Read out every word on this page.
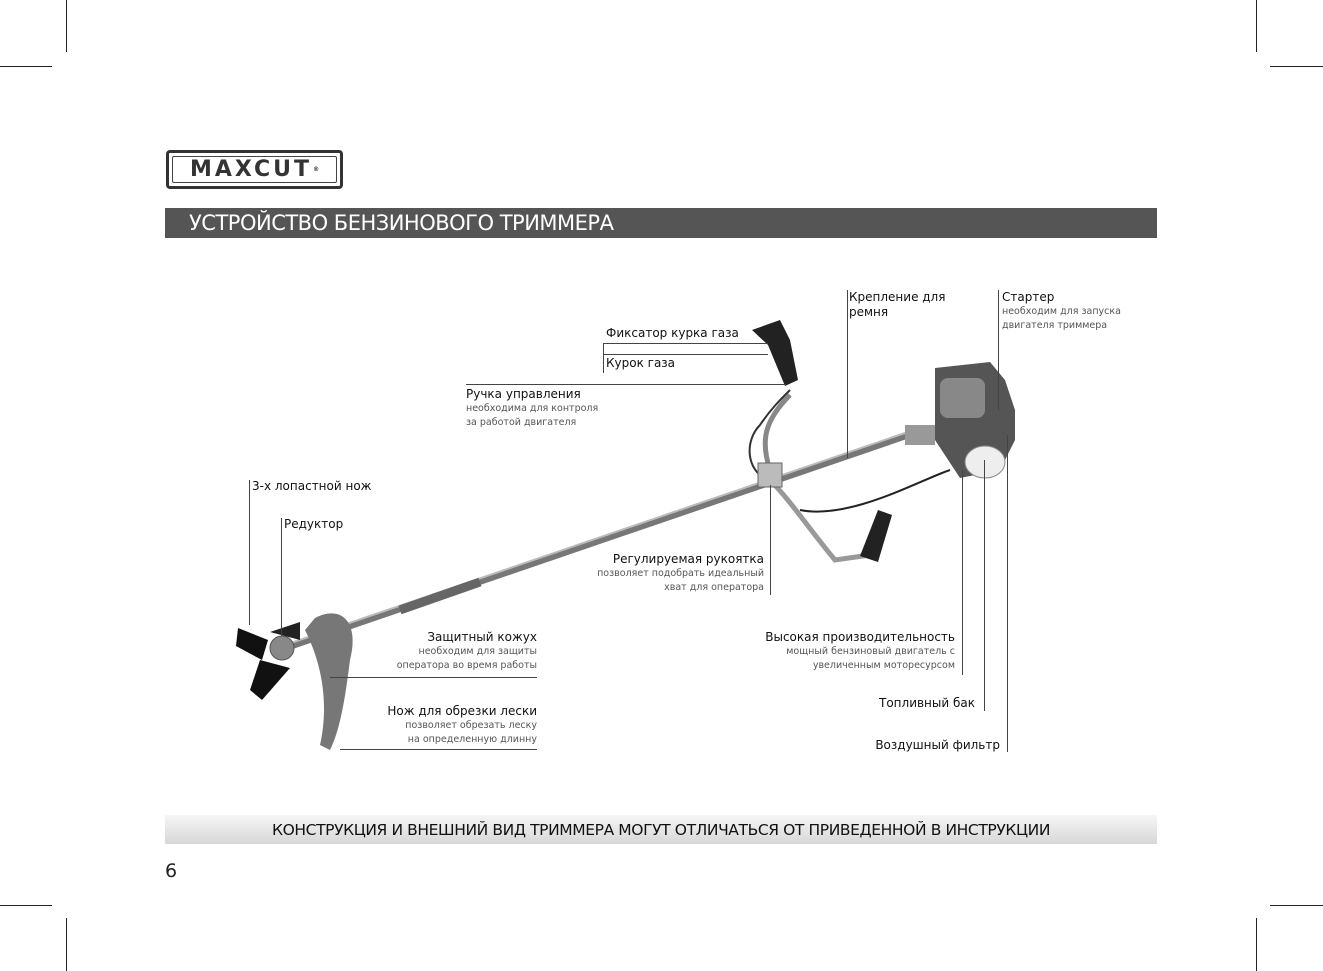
MAXCUT ®
УСТРОЙСТВО БЕНЗИНОВОГО ТРИММЕРА
Фиксатор курка газа
Курок газа
Ручка управления
необходима для контроля
за работой двигателя
Крепление для
ремня
Стартер
необходим для запуска
двигателя триммера
3-х лопастной нож
Редуктор
Регулируемая рукоятка
позволяет подобрать идеальный
хват для оператора
Защитный кожух
необходим для защиты
оператора во время работы
Нож для обрезки лески
позволяет обрезать леску
на определенную длинну
Высокая производительность
мощный бензиновый двигатель с
увеличенным моторесурсом
Топливный бак
Воздушный фильтр
КОНСТРУКЦИЯ И ВНЕШНИЙ ВИД ТРИММЕРА МОГУТ ОТЛИЧАТЬСЯ ОТ ПРИВЕДЕННОЙ В ИНСТРУКЦИИ
6
